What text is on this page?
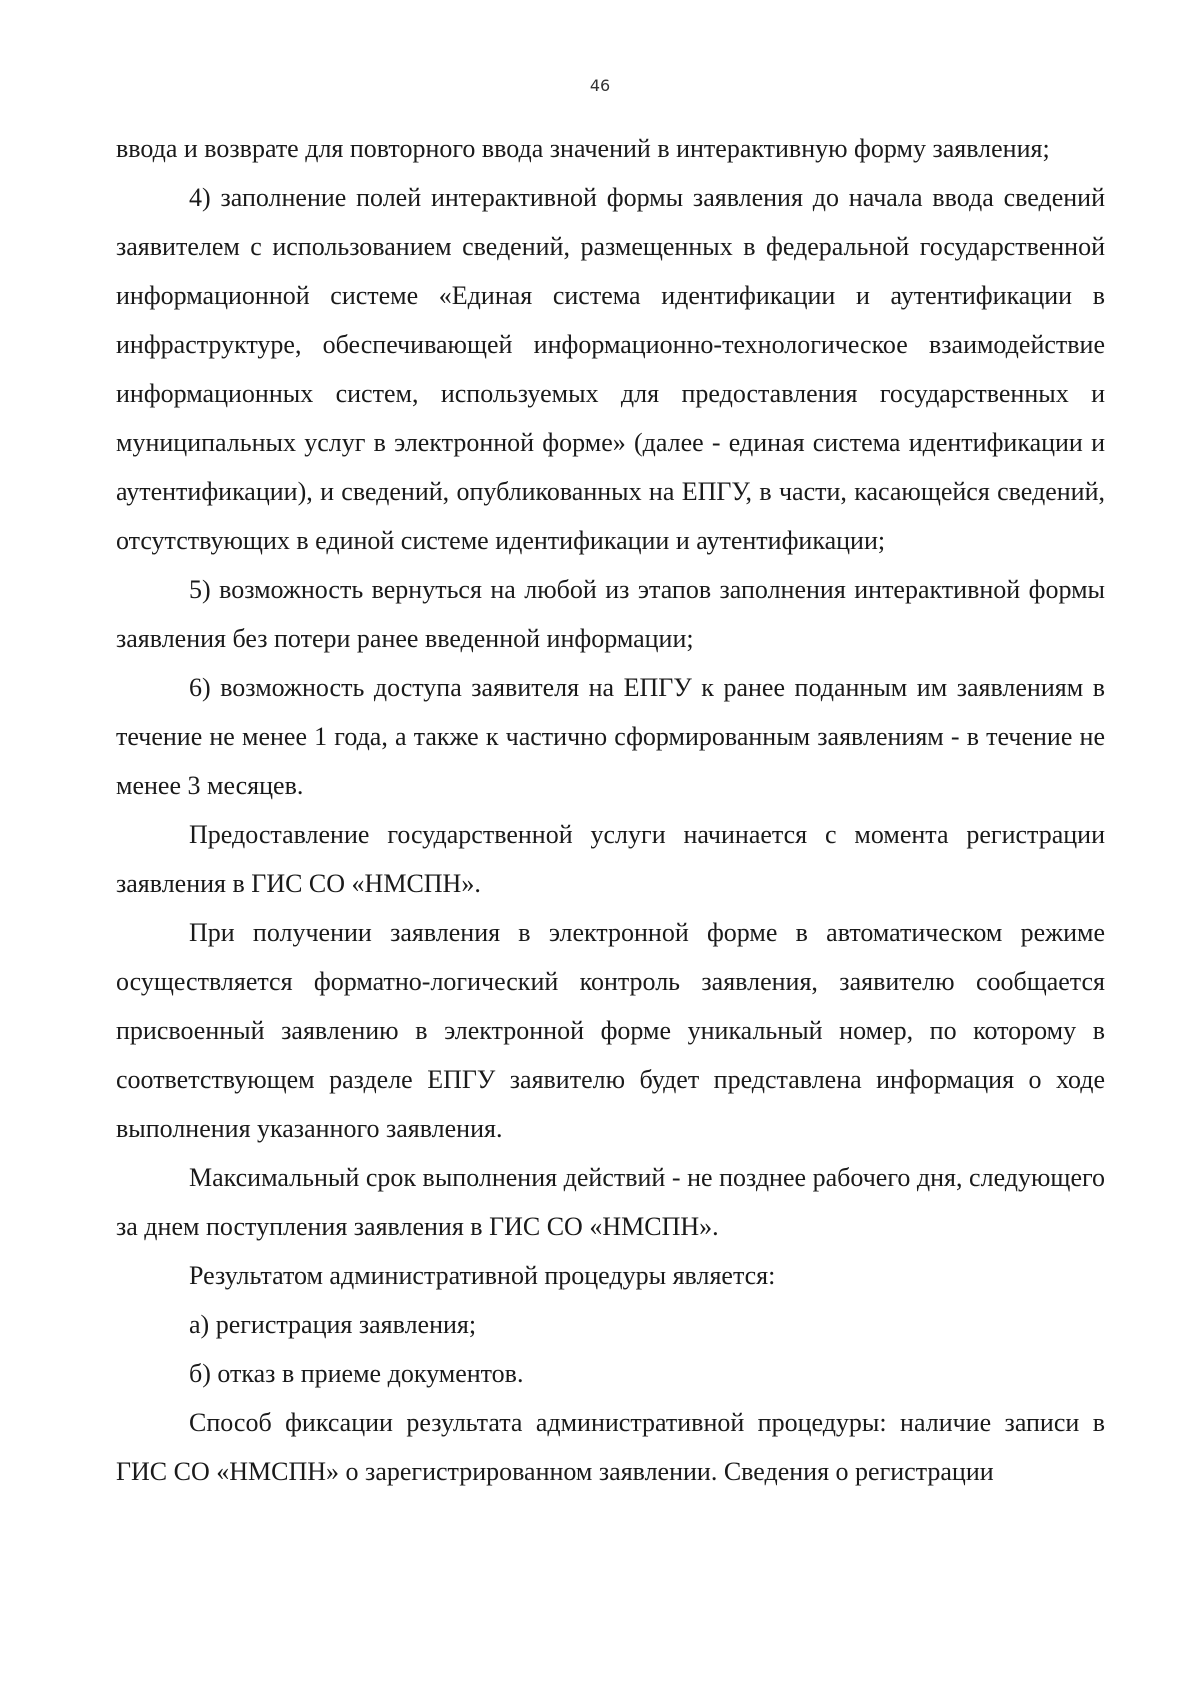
46

ввода и возврате для повторного ввода значений в интерактивную форму заявления;

4) заполнение полей интерактивной формы заявления до начала ввода сведений заявителем с использованием сведений, размещенных в федеральной государственной информационной системе «Единая система идентификации и аутентификации в инфраструктуре, обеспечивающей информационно-технологическое взаимодействие информационных систем, используемых для предоставления государственных и муниципальных услуг в электронной форме» (далее - единая система идентификации и аутентификации), и сведений, опубликованных на ЕПГУ, в части, касающейся сведений, отсутствующих в единой системе идентификации и аутентификации;

5) возможность вернуться на любой из этапов заполнения интерактивной формы заявления без потери ранее введенной информации;

6) возможность доступа заявителя на ЕПГУ к ранее поданным им заявлениям в течение не менее 1 года, а также к частично сформированным заявлениям - в течение не менее 3 месяцев.

Предоставление государственной услуги начинается с момента регистрации заявления в ГИС СО «НМСПН».

При получении заявления в электронной форме в автоматическом режиме осуществляется форматно-логический контроль заявления, заявителю сообщается присвоенный заявлению в электронной форме уникальный номер, по которому в соответствующем разделе ЕПГУ заявителю будет представлена информация о ходе выполнения указанного заявления.

Максимальный срок выполнения действий - не позднее рабочего дня, следующего за днем поступления заявления в ГИС СО «НМСПН».

Результатом административной процедуры является:

а) регистрация заявления;

б) отказ в приеме документов.

Способ фиксации результата административной процедуры: наличие записи в ГИС СО «НМСПН» о зарегистрированном заявлении. Сведения о регистрации
